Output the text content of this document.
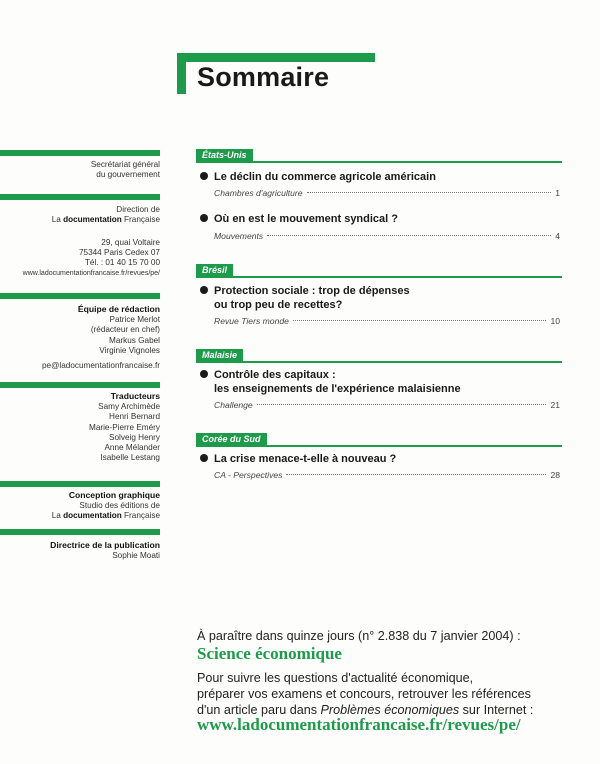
Sommaire
Secrétariat général
du gouvernement
Direction de
La documentation Française
29, quai Voltaire
75344 Paris Cedex 07
Tél. : 01 40 15 70 00
www.ladocumentationfrancaise.fr/revues/pe/
Équipe de rédaction
Patrice Merlot
(rédacteur en chef)
Markus Gabel
Virginie Vignoles
pe@ladocumentationfrancaise.fr
Traducteurs
Samy Archimède
Henri Bernard
Marie-Pierre Eméry
Solveig Henry
Anne Mélander
Isabelle Lestang
Conception graphique
Studio des éditions de
La documentation Française
Directrice de la publication
Sophie Moati
États-Unis
Le déclin du commerce agricole américain
Chambres d'agriculture	1
Où en est le mouvement syndical ?
Mouvements	4
Brésil
Protection sociale : trop de dépenses
ou trop peu de recettes?
Revue Tiers monde	10
Malaisie
Contrôle des capitaux :
les enseignements de l'expérience malaisienne
Challenge	21
Corée du Sud
La crise menace-t-elle à nouveau ?
CA - Perspectives	28
À paraître dans quinze jours (n° 2.838 du 7 janvier 2004) :
Science économique
Pour suivre les questions d'actualité économique,
préparer vos examens et concours, retrouver les références
d'un article paru dans Problèmes économiques sur Internet :
www.ladocumentationfrancaise.fr/revues/pe/
